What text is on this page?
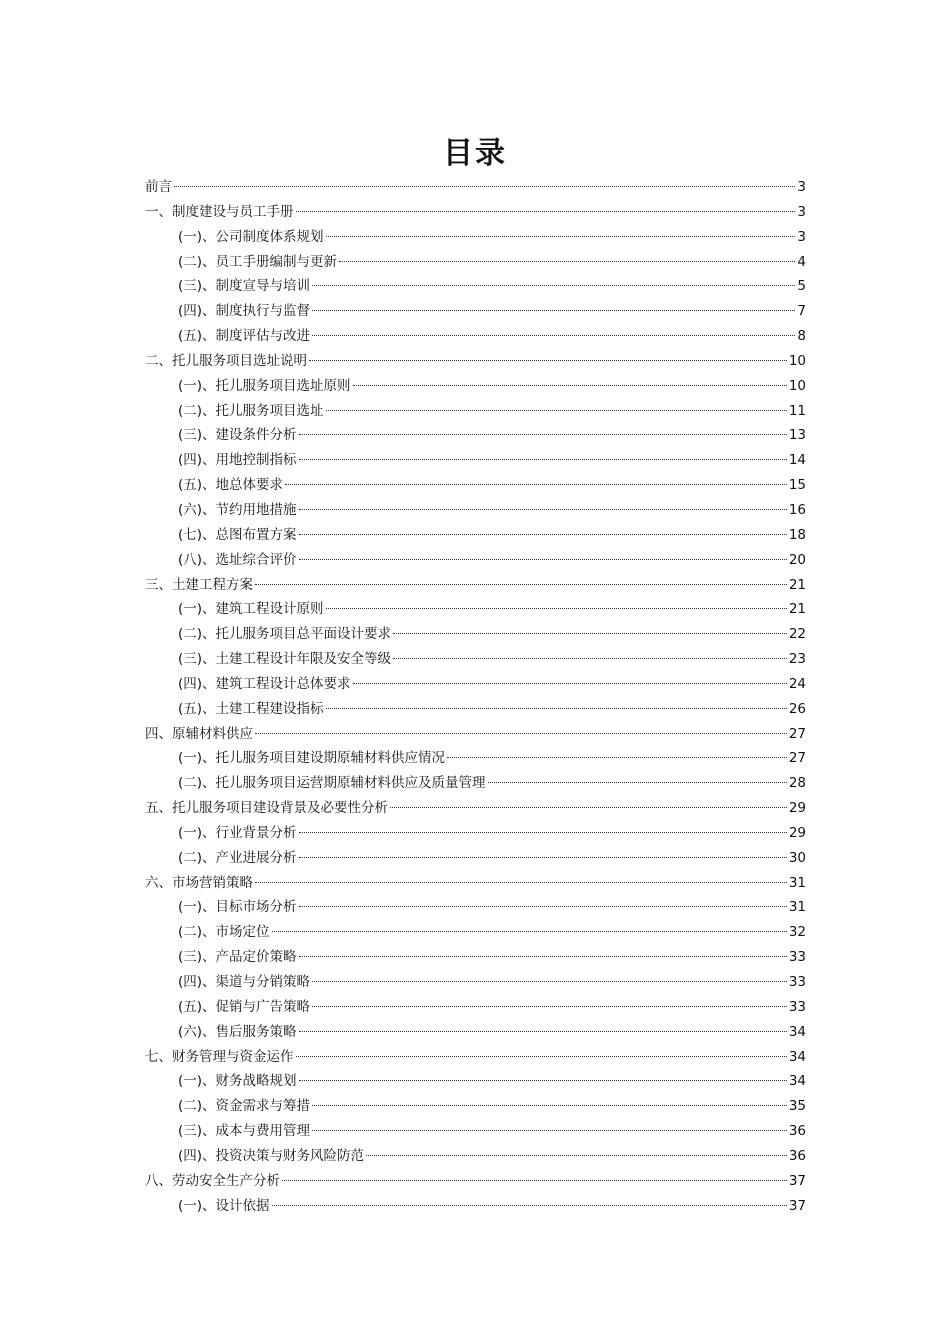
目录
前言	3
一、制度建设与员工手册	3
(一)、公司制度体系规划	3
(二)、员工手册编制与更新	4
(三)、制度宣导与培训	5
(四)、制度执行与监督	7
(五)、制度评估与改进	8
二、托儿服务项目选址说明	10
(一)、托儿服务项目选址原则	10
(二)、托儿服务项目选址	11
(三)、建设条件分析	13
(四)、用地控制指标	14
(五)、地总体要求	15
(六)、节约用地措施	16
(七)、总图布置方案	18
(八)、选址综合评价	20
三、土建工程方案	21
(一)、建筑工程设计原则	21
(二)、托儿服务项目总平面设计要求	22
(三)、土建工程设计年限及安全等级	23
(四)、建筑工程设计总体要求	24
(五)、土建工程建设指标	26
四、原辅材料供应	27
(一)、托儿服务项目建设期原辅材料供应情况	27
(二)、托儿服务项目运营期原辅材料供应及质量管理	28
五、托儿服务项目建设背景及必要性分析	29
(一)、行业背景分析	29
(二)、产业进展分析	30
六、市场营销策略	31
(一)、目标市场分析	31
(二)、市场定位	32
(三)、产品定价策略	33
(四)、渠道与分销策略	33
(五)、促销与广告策略	33
(六)、售后服务策略	34
七、财务管理与资金运作	34
(一)、财务战略规划	34
(二)、资金需求与筹措	35
(三)、成本与费用管理	36
(四)、投资决策与财务风险防范	36
八、劳动安全生产分析	37
(一)、设计依据	37
